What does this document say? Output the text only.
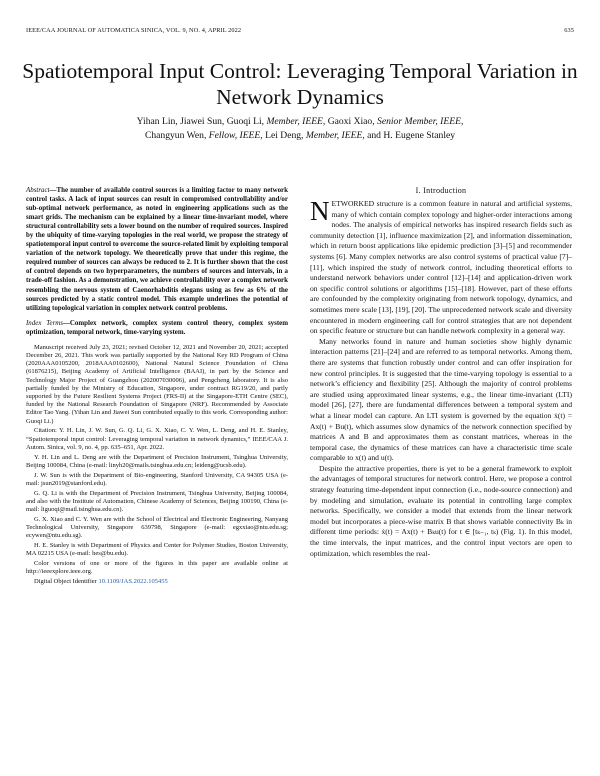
IEEE/CAA JOURNAL OF AUTOMATICA SINICA, VOL. 9, NO. 4, APRIL 2022	635
Spatiotemporal Input Control: Leveraging Temporal Variation in Network Dynamics
Yihan Lin, Jiawei Sun, Guoqi Li, Member, IEEE, Gaoxi Xiao, Senior Member, IEEE,
Changyun Wen, Fellow, IEEE, Lei Deng, Member, IEEE, and H. Eugene Stanley

Abstract—The number of available control sources is a limiting factor to many network control tasks. A lack of input sources can result in compromised controllability and/or sub-optimal network performance, as noted in engineering applications such as the smart grids. The mechanism can be explained by a linear time-invariant model, where structural controllability sets a lower bound on the number of required sources. Inspired by the ubiquity of time-varying topologies in the real world, we propose the strategy of spatiotemporal input control to overcome the source-related limit by exploiting temporal variation of the network topology. We theoretically prove that under this regime, the required number of sources can always be reduced to 2. It is further shown that the cost of control depends on two hyperparameters, the numbers of sources and intervals, in a trade-off fashion. As a demonstration, we achieve controllability over a complex network resembling the nervous system of Caenorhabditis elegans using as few as 6% of the sources predicted by a static control model. This example underlines the potential of utilizing topological variation in complex network control problems.

Index Terms—Complex network, complex system control theory, complex system optimization, temporal network, time-varying system.

Manuscript received July 23, 2021; revised October 12, 2021 and November 20, 2021; accepted December 26, 2021. This work was partially supported by the National Key RD Program of China (2020AAA0105200, 2018AAA0102600), National Natural Science Foundation of China (61876215), Beijing Academy of Artificial Intelligence (BAAI), in part by the Science and Technology Major Project of Guangzhou (202007030006), and Pengcheng laboratory. It is also partially funded by the Ministry of Education, Singapore, under contract RG19/20, and partly supported by the Future Resilient Systems Project (FRS-II) at the Singapore-ETH Centre (SEC), funded by the National Research Foundation of Singapore (NRF). Recommended by Associate Editor Tao Yang. (Yihan Lin and Jiawei Sun contributed equally to this work. Corresponding author: Guoqi Li.)

Citation: Y. H. Lin, J. W. Sun, G. Q. Li, G. X. Xiao, C. Y. Wen, L. Deng, and H. E. Stanley, “Spatiotemporal input control: Leveraging temporal variation in network dynamics,” IEEE/CAA J. Autom. Sinica, vol. 9, no. 4, pp. 635–651, Apr. 2022.

Y. H. Lin and L. Deng are with the Department of Precision Instrument, Tsinghua University, Beijing 100084, China (e-mail: linyh20@mails.tsinghua.edu.cn; leideng@ucsb.edu).

J. W. Sun is with the Department of Bio-engineering, Stanford University, CA 94305 USA (e-mail: jsun2019@stanford.edu).

G. Q. Li is with the Department of Precision Instrument, Tsinghua University, Beijing 100084, and also with the Institute of Automation, Chinese Academy of Sciences, Beijing 100190, China (e-mail: liguoqi@mail.tsinghua.edu.cn).

G. X. Xiao and C. Y. Wen are with the School of Electrical and Electronic Engineering, Nanyang Technological University, Singapore 639798, Singapore (e-mail: egxxiao@ntu.edu.sg; ecywen@ntu.edu.sg).

H. E. Stanley is with Department of Physics and Center for Polymer Studies, Boston University, MA 02215 USA (e-mail: hes@bu.edu).

Color versions of one or more of the figures in this paper are available online at http://ieeexplore.ieee.org.

Digital Object Identifier 10.1109/JAS.2022.105455

I. Introduction

NETWORKED structure is a common feature in natural and artificial systems, many of which contain complex topology and higher-order interactions among nodes. The analysis of empirical networks has inspired research fields such as community detection [1], influence maximization [2], and information dissemination, which in return boost applications like epidemic prediction [3]–[5] and recommender systems [6]. Many complex networks are also control systems of practical value [7]–[11], which inspired the study of network control, including theoretical efforts to understand network behaviors under control [12]–[14] and application-driven work on specific control solutions or algorithms [15]–[18]. However, part of these efforts are confounded by the complexity originating from network topology, dynamics, and sometimes mere scale [13], [19], [20]. The unprecedented network scale and diversity encountered in modern engineering call for control strategies that are not dependent on specific feature or structure but can handle network complexity in a general way.

Many networks found in nature and human societies show highly dynamic interaction patterns [21]–[24] and are referred to as temporal networks. Among them, there are systems that function robustly under control and can offer inspiration for new control principles. It is suggested that the time-varying topology is essential to a network’s efficiency and flexibility [25]. Although the majority of control problems are studied using approximated linear systems, e.g., the linear time-invariant (LTI) model [26], [27], there are fundamental differences between a temporal system and what a linear model can capture. An LTI system is governed by the equation ẋ(t) = Ax(t) + Bu(t), which assumes slow dynamics of the network connection specified by matrices A and B and approximates them as constant matrices, whereas in the temporal case, the dynamics of these matrices can have a characteristic time scale comparable to x(t) and u(t).

Despite the attractive properties, there is yet to be a general framework to exploit the advantages of temporal structures for network control. Here, we propose a control strategy featuring time-dependent input connection (i.e., node-source connection) and by modeling and simulation, evaluate its potential in controlling large complex networks. Specifically, we consider a model that extends from the linear network model but incorporates a piece-wise matrix B that shows variable connectivity Bₖ in different time periods: ẋ(t) = Ax(t) + Bₖu(t) for t ∈ [tₖ₋₁, tₖ) (Fig. 1). In this model, the time intervals, the input matrices, and the control input vectors are open to optimization, which resembles the real-
